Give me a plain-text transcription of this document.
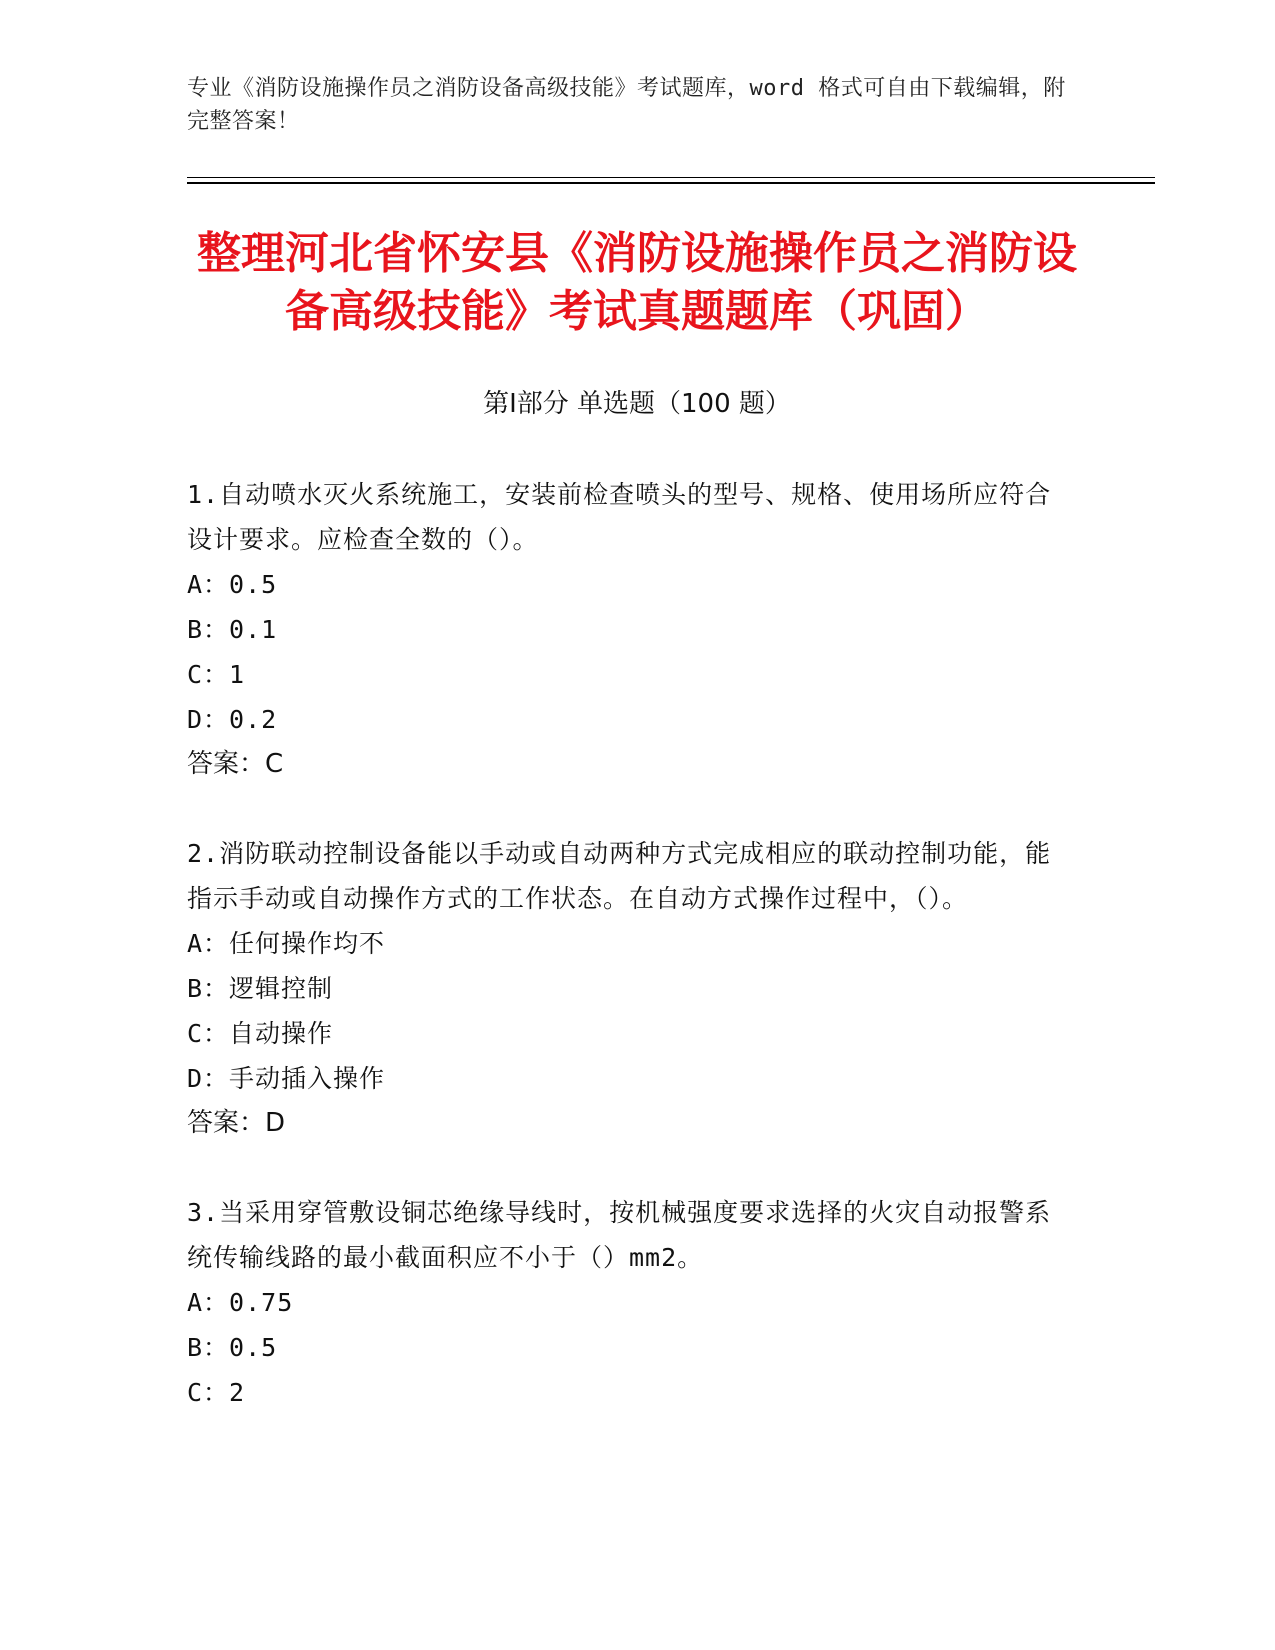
专业《消防设施操作员之消防设备高级技能》考试题库，word 格式可自由下载编辑，附完整答案！
整理河北省怀安县《消防设施操作员之消防设备高级技能》考试真题题库（巩固）
第Ⅰ部分 单选题（100 题）

1.自动喷水灭火系统施工，安装前检查喷头的型号、规格、使用场所应符合设计要求。应检查全数的（）。

A：0.5

B：0.1

C：1

D：0.2

答案：C

2.消防联动控制设备能以手动或自动两种方式完成相应的联动控制功能，能指示手动或自动操作方式的工作状态。在自动方式操作过程中，（）。

A：任何操作均不

B：逻辑控制

C：自动操作

D：手动插入操作

答案：D

3.当采用穿管敷设铜芯绝缘导线时，按机械强度要求选择的火灾自动报警系统传输线路的最小截面积应不小于（）mm2。

A：0.75

B：0.5

C：2
